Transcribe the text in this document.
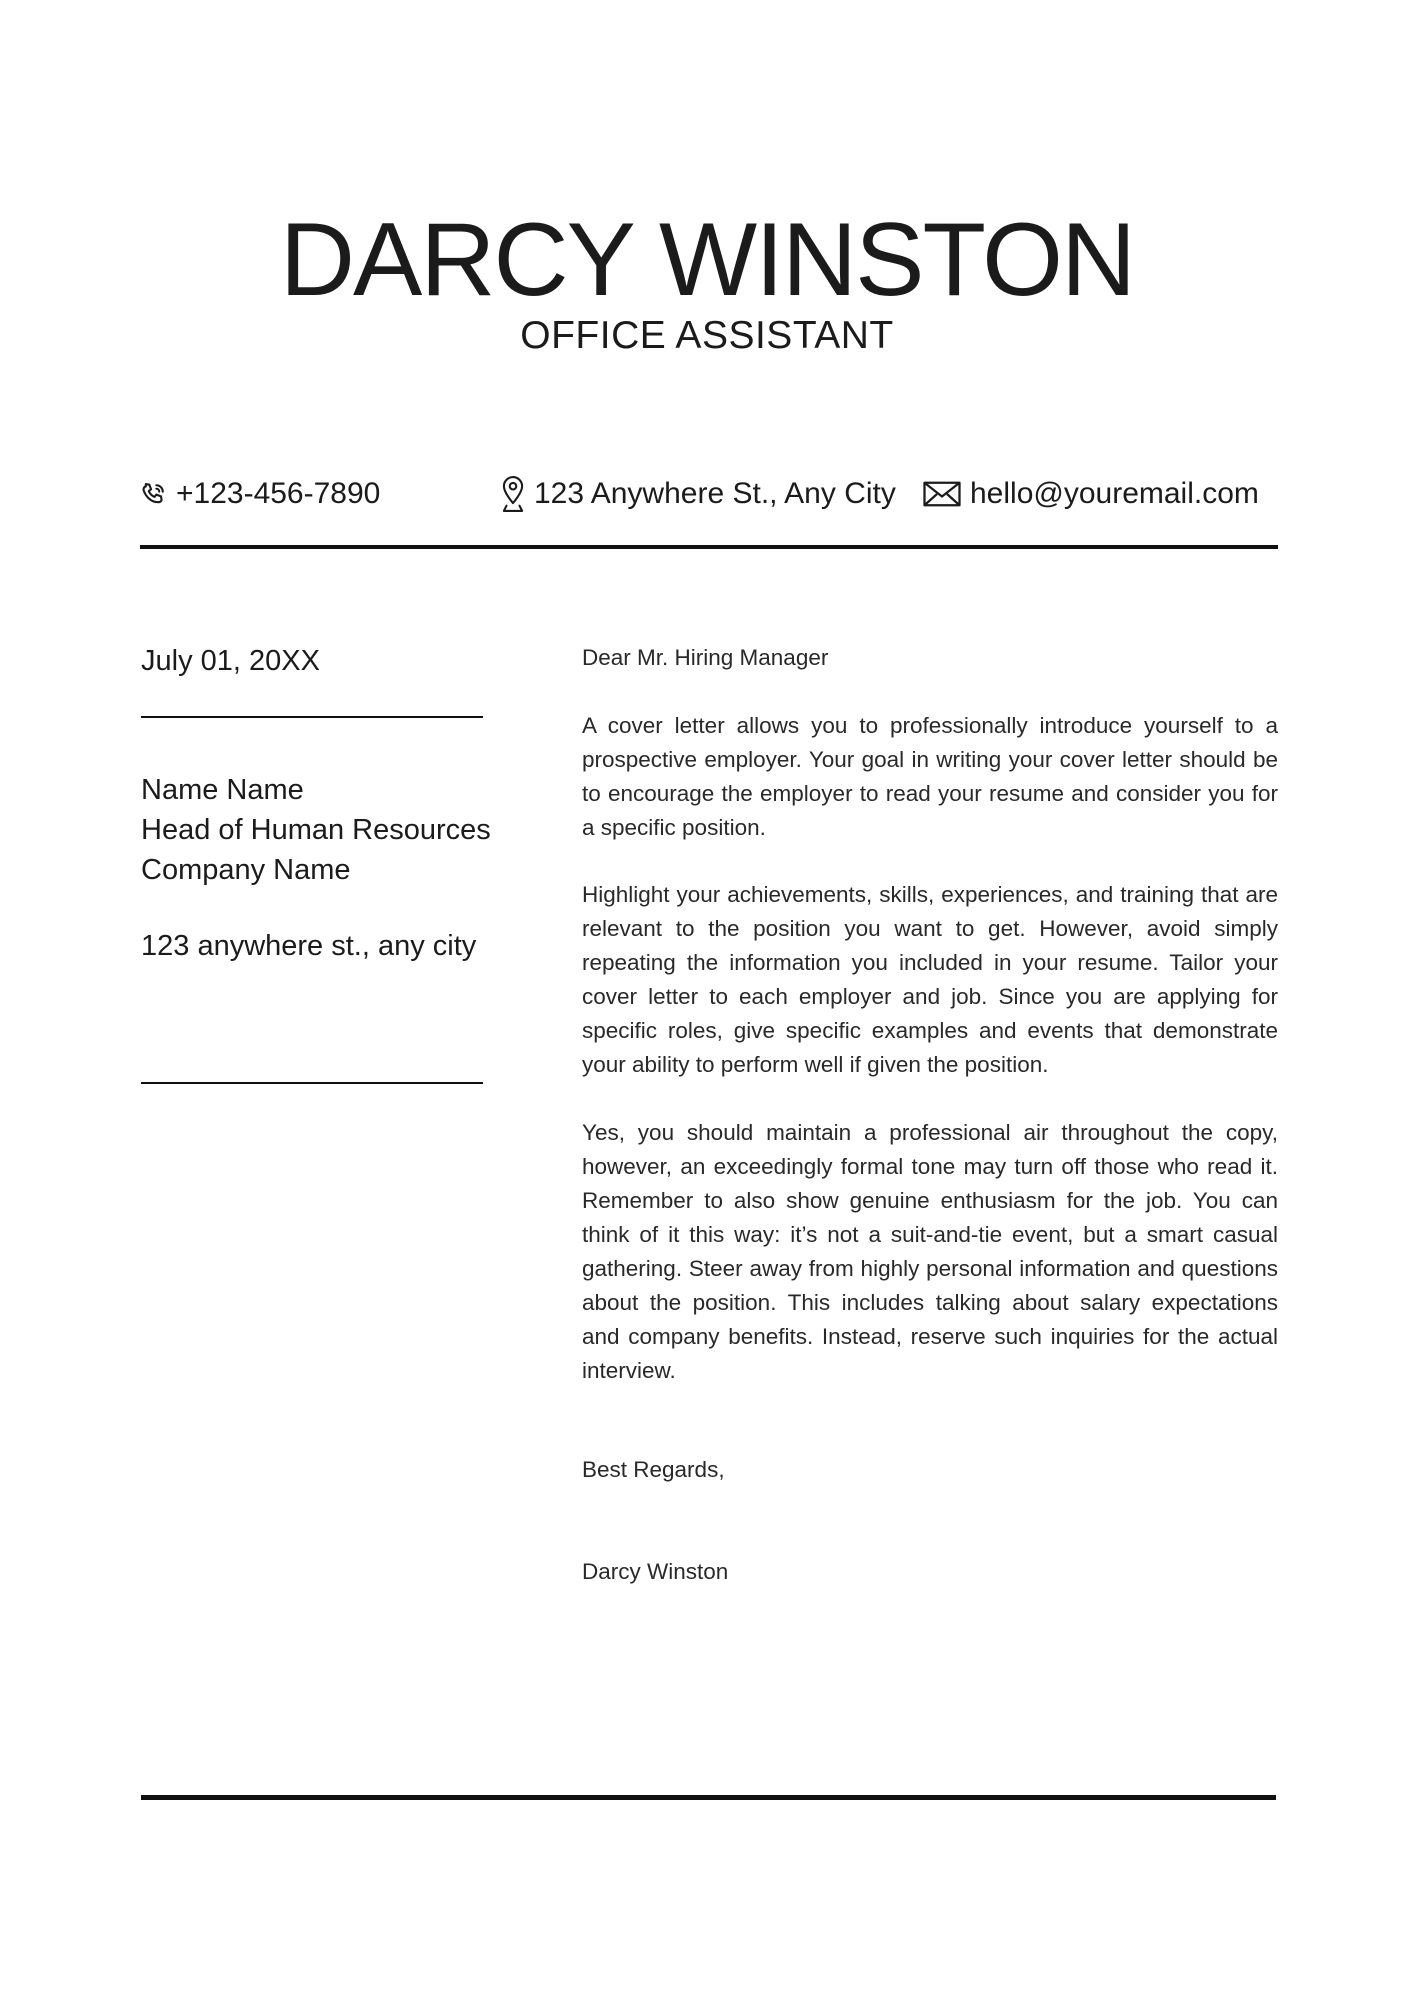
DARCY WINSTON
OFFICE ASSISTANT
+123-456-7890	123 Anywhere St., Any City hello@youremail.com
July 01, 20XX
Name Name
Head of Human Resources
Company Name
123 anywhere st., any city
Dear Mr. Hiring Manager

A cover letter allows you to professionally introduce yourself to a prospective employer. Your goal in writing your cover letter should be to encourage the employer to read your resume and consider you for a specific position.

Highlight your achievements, skills, experiences, and training that are relevant to the position you want to get. However, avoid simply repeating the information you included in your resume. Tailor your cover letter to each employer and job. Since you are applying for specific roles, give specific examples and events that demonstrate your ability to perform well if given the position.

Yes, you should maintain a professional air throughout the copy, however, an exceedingly formal tone may turn off those who read it. Remember to also show genuine enthusiasm for the job. You can think of it this way: it’s not a suit-and-tie event, but a smart casual gathering. Steer away from highly personal information and questions about the position. This includes talking about salary expectations and company benefits. Instead, reserve such inquiries for the actual interview.

Best Regards,
Darcy Winston
